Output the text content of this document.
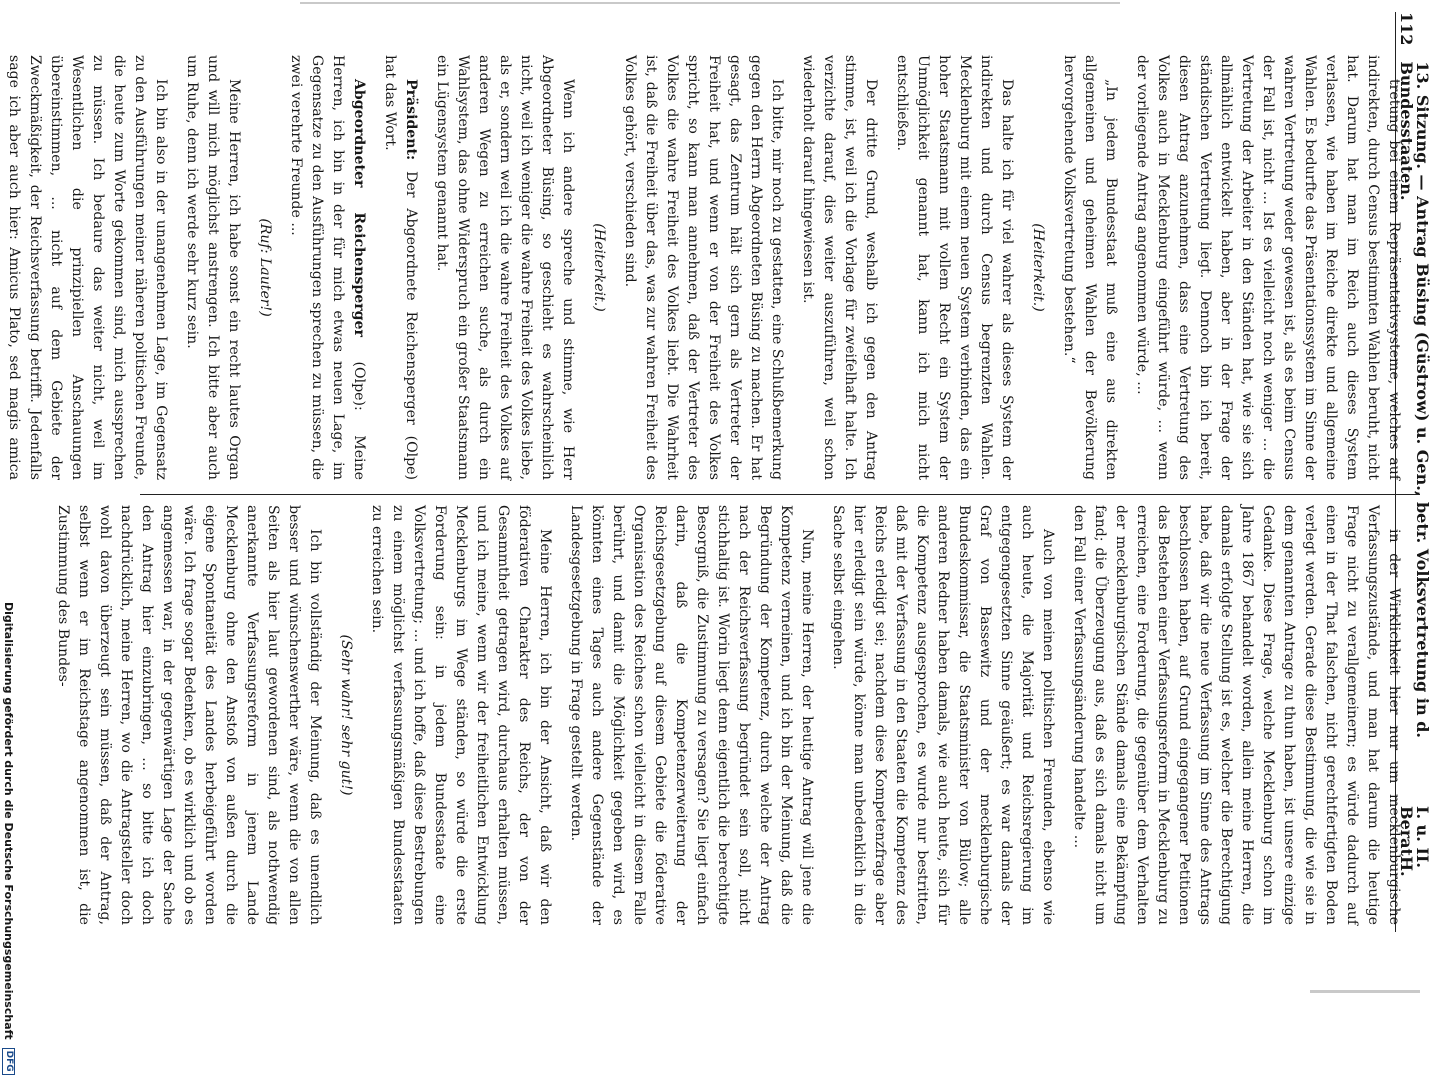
112
13. Sitzung. — Antrag Büsing (Güstrow) u. Gen., betr. Volksvertretung in d. Bundesstaaten.
I. u. II. BeratH.

tretung bei einem Repräsentativsysteme, welches auf indirekten, durch Census bestimmten Wahlen beruht, nicht hat. Darum hat man im Reich auch dieses System verlassen, wie haben im Reiche direkte und allgemeine Wahlen. Es bedurfte das Präsentationssystem im Sinne der wahren Vertretung weder gewesen ist, als es beim Census der Fall ist, nicht ... Ist es vielleicht noch weniger ... die Vertretung der Arbeiter in den Ständen hat, wie sie sich allmählich entwickelt haben, aber in der Frage der ständischen Vertretung liegt. Dennoch bin ich bereit, diesen Antrag anzunehmen, dass eine Vertretung des Volkes auch in Mecklenburg eingeführt würde, ... wenn der vorliegende Antrag angenommen würde, ...

„In jedem Bundesstaat muß eine aus direkten allgemeinen und geheimen Wahlen der Bevölkerung hervorgehende Volksvertretung bestehen.“

(Heiterkeit.)

Das halte ich für viel wahrer als dieses System der indirekten und durch Census begrenzten Wahlen. Mecklenburg mit einem neuen System verbinden, das ein hoher Staatsmann mit vollem Recht ein System der Unmöglichkeit genannt hat, kann ich mich nicht entschließen.

Der dritte Grund, weshalb ich gegen den Antrag stimme, ist, weil ich die Vorlage für zweifelhaft halte. Ich verzichte darauf, dies weiter auszuführen, weil schon wiederholt darauf hingewiesen ist.

Ich bitte, mir noch zu gestatten, eine Schlußbemerkung gegen den Herrn Abgeordneten Büsing zu machen. Er hat gesagt, das Zentrum hält sich gern als Vertreter der Freiheit hat, und wenn er von der Freiheit des Volkes spricht, so kann man annehmen, daß der Vertreter des Volkes die wahre Freiheit des Volkes liebt. Die Wahrheit ist, daß die Freiheit über das, was zur wahren Freiheit des Volkes gehört, verschieden sind.

(Heiterkeit.)

Wenn ich andere spreche und stimme, wie Herr Abgeordneter Büsing, so geschieht es wahrscheinlich nicht, weil ich weniger die wahre Freiheit des Volkes liebe, als er, sondern weil ich die wahre Freiheit des Volkes auf anderen Wegen zu erreichen suche, als durch ein Wahlsystem, das ohne Widerspruch ein großer Staatsmann ein Lügensystem genannt hat.

Präsident: Der Abgeordnete Reichensperger (Olpe) hat das Wort.

Abgeordneter Reichensperger (Olpe): Meine Herren, ich bin in der für mich etwas neuen Lage, im Gegensatze zu den Ausführungen sprechen zu müssen, die zwei verehrte Freunde ...

(Ruf: Lauter!)

Meine Herren, ich habe sonst ein recht lautes Organ und will mich möglichst anstrengen. Ich bitte aber auch um Ruhe, denn ich werde sehr kurz sein.

Ich bin also in der unangenehmen Lage, im Gegensatz zu den Ausführungen meiner näheren politischen Freunde, die heute zum Worte gekommen sind, mich aussprechen zu müssen. Ich bedaure das weiter nicht, weil im Wesentlichen die prinzipiellen Anschauungen übereinstimmen, ... nicht auf dem Gebiete der Zweckmäßigkeit, der Reichsverfassung betrifft. Jedenfalls sage ich aber auch hier: Amicus Plato, sed magis amica

in der Wirklichkeit hier nur um mecklenburgische Verfassungszustände, und man hat darum die heutige Frage nicht zu verallgemeinern; es würde dadurch auf einen in der That falschen, nicht gerechtfertigten Boden verlegt werden. Gerade diese Bestimmung, die wie sie in dem genannten Antrage zu thun haben, ist unsere einzige Gedanke. Diese Frage, welche Mecklenburg schon im Jahre 1867 behandelt worden, allein meine Herren, die damals erfolgte Stellung ist es, welcher die Berechtigung habe, daß wir die neue Verfassung im Sinne des Antrags beschlossen haben, auf Grund eingegangener Petitionen das Bestehen einer Verfassungsreform in Mecklenburg zu erreichen, eine Forderung, die gegenüber dem Verhalten der mecklenburgischen Stände damals eine Bekämpfung fand; die Überzeugung aus, daß es sich damals nicht um den Fall einer Verfassungsänderung handelte ...

Auch von meinen politischen Freunden, ebenso wie auch heute, die Majorität und Reichsregierung im entgegengesetzten Sinne geäußert; es war damals der Graf von Bassewitz und der mecklenburgische Bundeskommissar, die Staatsminister von Bülow; alle anderen Redner haben damals, wie auch heute, sich für die Kompetenz ausgesprochen, es wurde nur bestritten, daß mit der Verfassung in den Staaten die Kompetenz des Reichs erledigt sei; nachdem diese Kompetenzfrage aber hier erledigt sein würde, könne man unbedenklich in die Sache selbst eingehen.

Nun, meine Herren, der heutige Antrag will jene die Kompetenz verneinen, und ich bin der Meinung, daß die Begründung der Kompetenz, durch welche der Antrag nach der Reichsverfassung begründet sein soll, nicht stichhaltig ist. Worin liegt denn eigentlich die berechtigte Besorgniß, die Zustimmung zu versagen? Sie liegt einfach darin, daß die Kompetenzerweiterung der Reichsgesetzgebung auf diesem Gebiete die föderative Organisation des Reiches schon vielleicht in diesem Falle berührt, und damit die Möglichkeit gegeben wird, es könnten eines Tages auch andere Gegenstände der Landesgesetzgebung in Frage gestellt werden.

Meine Herren, ich bin der Ansicht, daß wir den föderativen Charakter des Reichs, der von der Gesammtheit getragen wird, durchaus erhalten müssen, und ich meine, wenn wir der freiheitlichen Entwicklung Mecklenburgs im Wege ständen, so würde die erste Forderung sein: in jedem Bundesstaate eine Volksvertretung; ... und ich hoffe, daß diese Bestrebungen zu einem möglichst verfassungsmäßigen Bundesstaaten zu erreichen sein.

(Sehr wahr! sehr gut!)

Ich bin vollständig der Meinung, daß es unendlich besser und wünschenswerther wäre, wenn die von allen Seiten als hier laut gewordenen sind, als nothwendig anerkannte Verfassungsreform in jenem Lande Mecklenburg ohne den Anstoß von außen durch die eigene Spontaneität des Landes herbeigeführt worden wäre. Ich frage sogar Bedenken, ob es wirklich und ob es angemessen war, in der gegenwärtigen Lage der Sache den Antrag hier einzubringen, ... so bitte ich doch nachdrücklich, meine Herren, wo die Antragsteller doch wohl davon überzeugt sein müssen, daß der Antrag, selbst wenn er im Reichstage angenommen ist, die Zustimmung des Bundes-

Digitalisierung gefördert durch die Deutsche Forschungsgemeinschaft
DFG
